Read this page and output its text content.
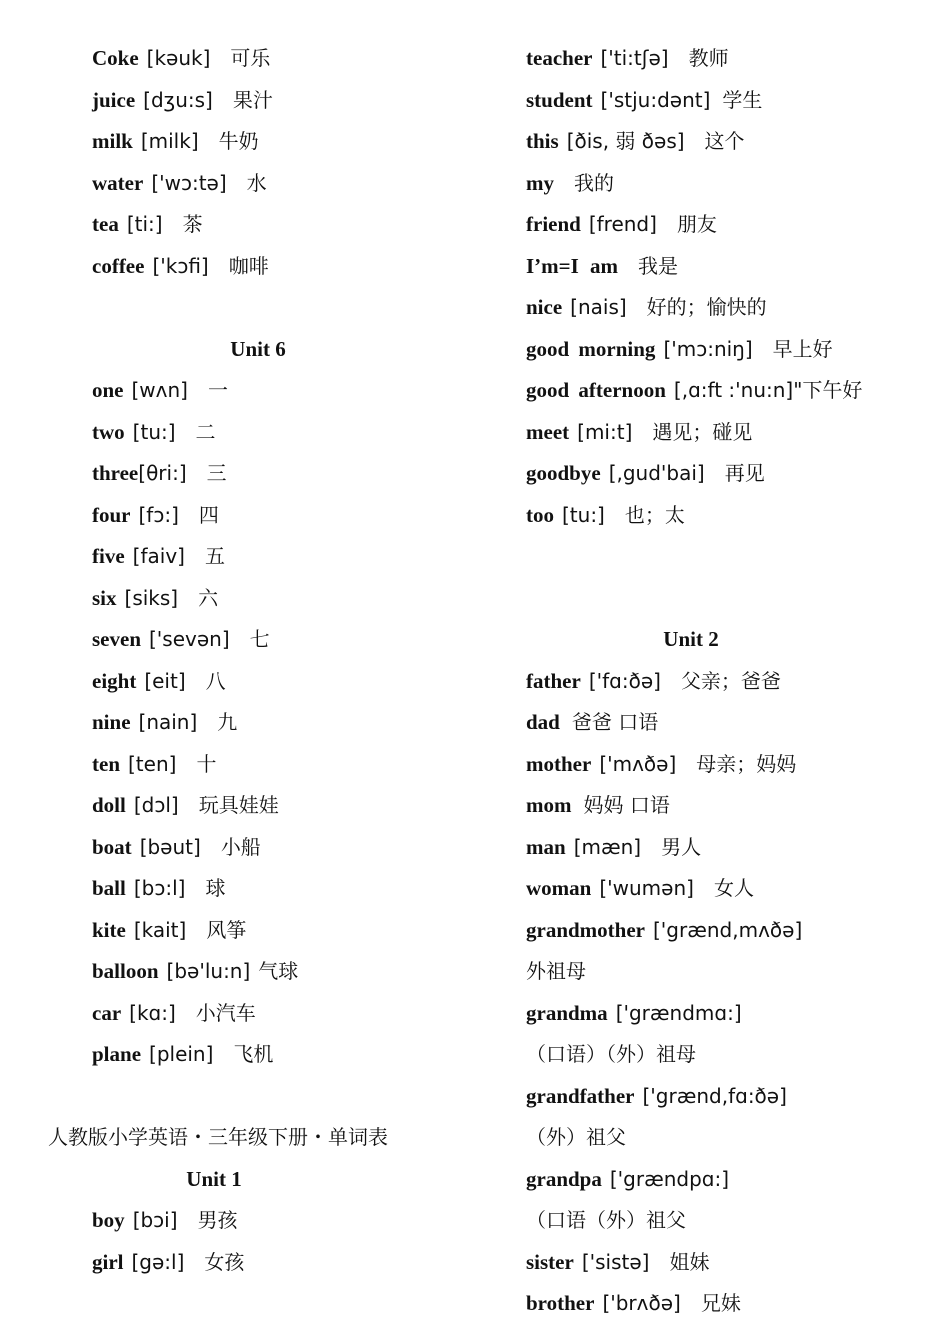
Coke [kəuk] 可乐
juice [dʒu:s] 果汁
milk [milk] 牛奶
water ['wɔ:tə] 水
tea [ti:] 茶
coffee ['kɔfi] 咖啡
Unit 6
one [wʌn] 一
two [tu:] 二
three[θri:] 三
four [fɔ:] 四
five [faiv] 五
six [siks] 六
seven ['sevən] 七
eight [eit] 八
nine [nain] 九
ten [ten] 十
doll [dɔl] 玩具娃娃
boat [bəut] 小船
ball [bɔ:l] 球
kite [kait] 风筝
balloon [bə'lu:n] 气球
car [kɑ:] 小汽车
plane [plein] 飞机
人教版小学英语・三年级下册・单词表
Unit 1
boy [bɔi] 男孩
girl [gə:l] 女孩
teacher ['ti:tʃə] 教师
student ['stju:dənt] 学生
this [ðis, 弱 ðəs] 这个
my 我的
friend [frend] 朋友
I’m=I am 我是
nice [nais] 好的；愉快的
good morning ['mɔ:niŋ] 早上好
good afternoon [,ɑ:ft :'nu:n]"下午好
meet [mi:t] 遇见；碰见
goodbye [,gud'bai] 再见
too [tu:] 也；太
Unit 2
father ['fɑ:ðə] 父亲；爸爸
dad 爸爸 口语
mother ['mʌðə] 母亲；妈妈
mom 妈妈 口语
man [mæn] 男人
woman ['wumən] 女人
grandmother ['grænd,mʌðə]
外祖母
grandma ['grændmɑ:]
（口语）（外）祖母
grandfather ['grænd,fɑ:ðə]
（外）祖父
grandpa ['grændpɑ:]
（口语（外）祖父
sister ['sistə] 姐妹
brother ['brʌðə] 兄妹
